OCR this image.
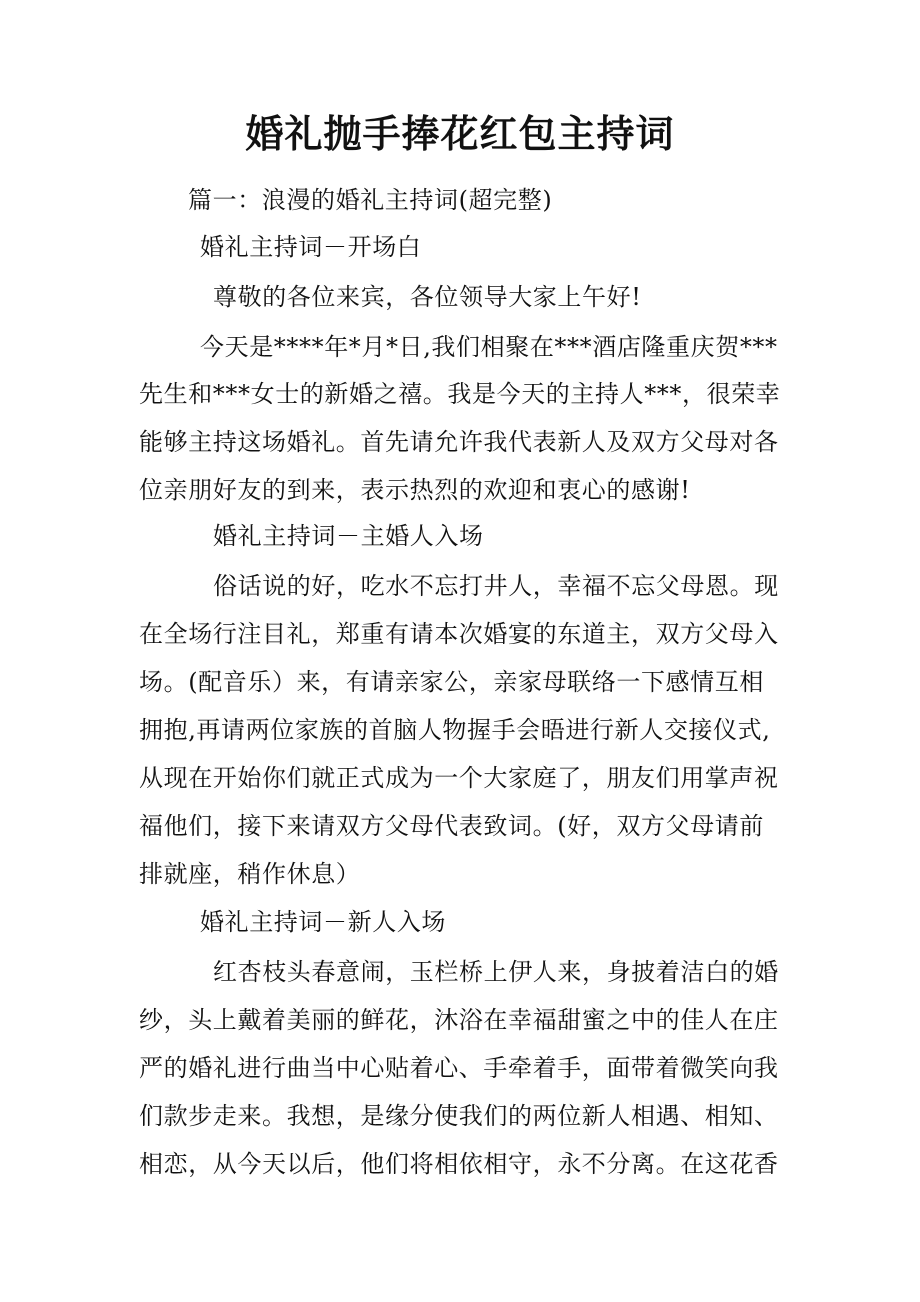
婚礼抛手捧花红包主持词
篇一：浪漫的婚礼主持词(超完整)
婚礼主持词－开场白
尊敬的各位来宾，各位领导大家上午好!
今天是****年*月*日,我们相聚在***酒店隆重庆贺***
先生和***女士的新婚之禧。我是今天的主持人***，很荣幸
能够主持这场婚礼。首先请允许我代表新人及双方父母对各
位亲朋好友的到来，表示热烈的欢迎和衷心的感谢!
婚礼主持词－主婚人入场
俗话说的好，吃水不忘打井人，幸福不忘父母恩。现
在全场行注目礼，郑重有请本次婚宴的东道主，双方父母入
场。(配音乐）来，有请亲家公，亲家母联络一下感情互相
拥抱,再请两位家族的首脑人物握手会晤进行新人交接仪式,
从现在开始你们就正式成为一个大家庭了，朋友们用掌声祝
福他们，接下来请双方父母代表致词。(好，双方父母请前
排就座，稍作休息）
婚礼主持词－新人入场
红杏枝头春意闹，玉栏桥上伊人来，身披着洁白的婚
纱，头上戴着美丽的鲜花，沐浴在幸福甜蜜之中的佳人在庄
严的婚礼进行曲当中心贴着心、手牵着手，面带着微笑向我
们款步走来。我想，是缘分使我们的两位新人相遇、相知、
相恋，从今天以后，他们将相依相守，永不分离。在这花香
